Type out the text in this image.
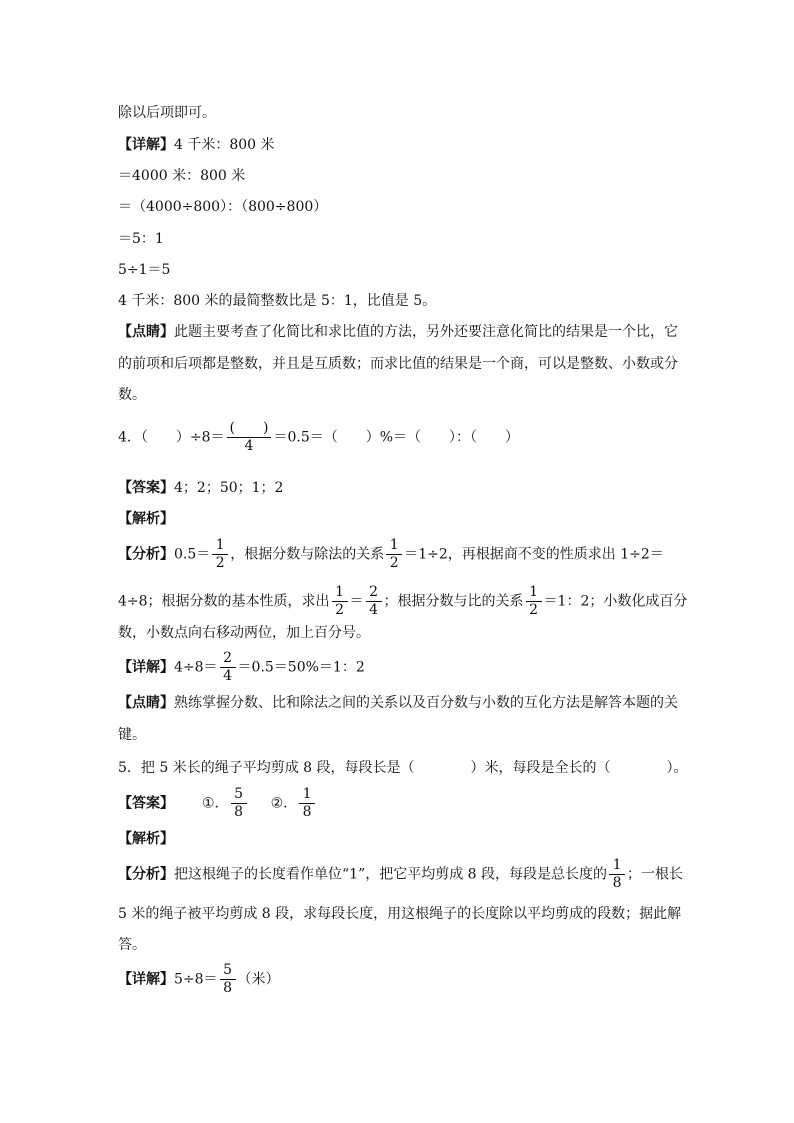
除以后项即可。
【详解】4 千米：800 米
＝4000 米：800 米
＝（4000÷800）：（800÷800）
＝5：1
5÷1＝5
4 千米：800 米的最简整数比是 5：1，比值是 5。
【点睛】此题主要考查了化简比和求比值的方法，另外还要注意化简比的结果是一个比，它
的前项和后项都是整数，并且是互质数；而求比值的结果是一个商，可以是整数、小数或分
数。
4．（　　）$\div 8= \frac{( )}{4} =0.5=$（　　）%＝（　　）：（　　）
【答案】4；2；50；1；2
【解析】
【分析】$0.5= \frac{1}{2}$ ，根据分数与除法的关系 $\frac{1}{2} =1\div 2$，再根据商不变的性质求出 1÷2＝
4÷8；根据分数的基本性质，求出 $\frac{1}{2} = \frac{2}{4}$ ；根据分数与比的关系 $\frac{1}{2} =1$：2；小数化成百分
数，小数点向右移动两位，加上百分号。
【详解】$4\div 8= \frac{2}{4} =0.5=50\%=1$：2
【点睛】熟练掌握分数、比和除法之间的关系以及百分数与小数的互化方法是解答本题的关
键。
5．把 5 米长的绳子平均剪成 8 段，每段长是（　　　　）米，每段是全长的（　　　　）。
【答案】 ①． $\frac{5}{8}$ ②． $\frac{1}{8}$
【解析】
【分析】把这根绳子的长度看作单位“1”，把它平均剪成 8 段，每段是总长度的 $\frac{1}{8}$ ；一根长
5 米的绳子被平均剪成 8 段，求每段长度，用这根绳子的长度除以平均剪成的段数；据此解
答。
【详解】$5\div 8= \frac{5}{8}$ （米）
